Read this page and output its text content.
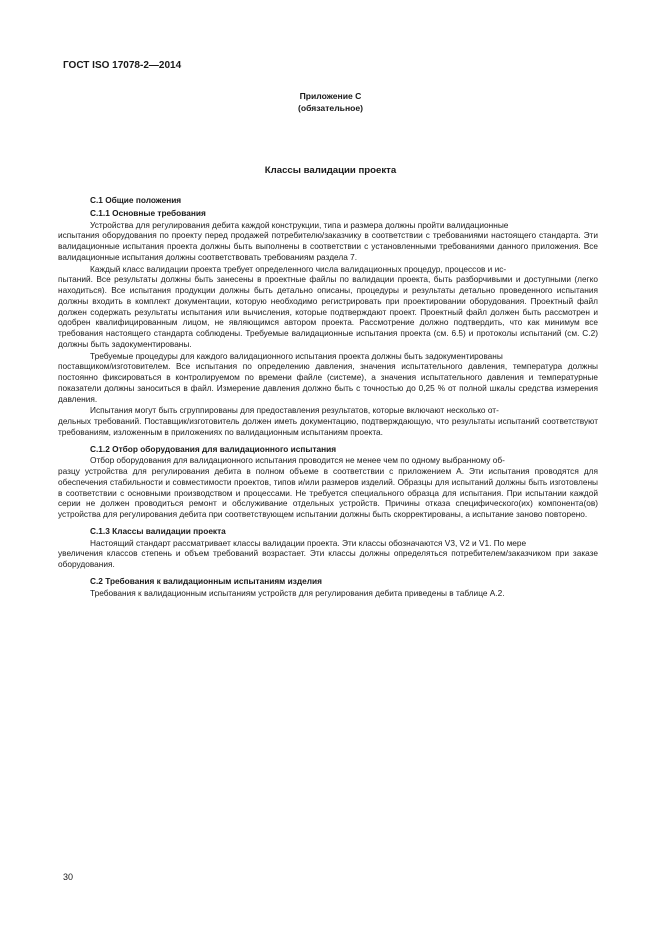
ГОСТ ISO 17078-2—2014
Приложение С
(обязательное)
Классы валидации проекта
С.1 Общие положения
С.1.1 Основные требования
Устройства для регулирования дебита каждой конструкции, типа и размера должны пройти валидационные
испытания оборудования по проекту перед продажей потребителю/заказчику в соответствии с требованиями настоящего стандарта. Эти валидационные испытания проекта должны быть выполнены в соответствии с установленными требованиями данного приложения. Все валидационные испытания должны соответствовать требованиям раздела 7.
Каждый класс валидации проекта требует определенного числа валидационных процедур, процессов и ис-
пытаний. Все результаты должны быть занесены в проектные файлы по валидации проекта, быть разборчивыми и доступными (легко находиться). Все испытания продукции должны быть детально описаны, процедуры и результаты детально проведенного испытания должны входить в комплект документации, которую необходимо регистрировать при проектировании оборудования. Проектный файл должен содержать результаты испытания или вычисления, которые подтверждают проект. Проектный файл должен быть рассмотрен и одобрен квалифицированным лицом, не являющимся автором проекта. Рассмотрение должно подтвердить, что как минимум все требования настоящего стандарта соблюдены. Требуемые валидационные испытания проекта (см. 6.5) и протоколы испытаний (см. С.2) должны быть задокументированы.
Требуемые процедуры для каждого валидационного испытания проекта должны быть задокументированы
поставщиком/изготовителем. Все испытания по определению давления, значения испытательного давления, температура должны постоянно фиксироваться в контролируемом по времени файле (системе), а значения испытательного давления и температурные показатели должны заноситься в файл. Измерение давления должно быть с точностью до 0,25 % от полной шкалы средства измерения давления.
Испытания могут быть сгруппированы для предоставления результатов, которые включают несколько от-
дельных требований. Поставщик/изготовитель должен иметь документацию, подтверждающую, что результаты испытаний соответствуют требованиям, изложенным в приложениях по валидационным испытаниям проекта.
С.1.2 Отбор оборудования для валидационного испытания
Отбор оборудования для валидационного испытания проводится не менее чем по одному выбранному об-
разцу устройства для регулирования дебита в полном объеме в соответствии с приложением А. Эти испытания проводятся для обеспечения стабильности и совместимости проектов, типов и/или размеров изделий. Образцы для испытаний должны быть изготовлены в соответствии с основными производством и процессами. Не требуется специального образца для испытания. При испытании каждой серии не должен проводиться ремонт и обслуживание отдельных устройств. Причины отказа специфического(их) компонента(ов) устройства для регулирования дебита при соответствующем испытании должны быть скорректированы, а испытание заново повторено.
С.1.3 Классы валидации проекта
Настоящий стандарт рассматривает классы валидации проекта. Эти классы обозначаются V3, V2 и V1. По мере
увеличения классов степень и объем требований возрастает. Эти классы должны определяться потребителем/заказчиком при заказе оборудования.
С.2 Требования к валидационным испытаниям изделия
Требования к валидационным испытаниям устройств для регулирования дебита приведены в таблице А.2.
30
